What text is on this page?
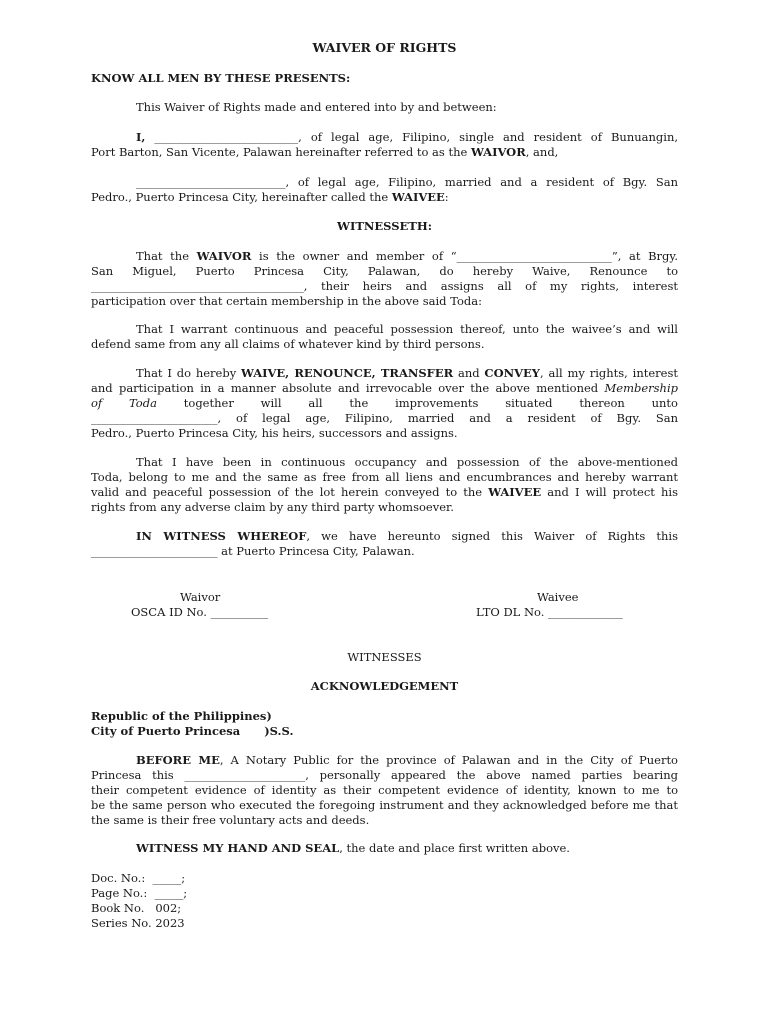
WAIVER OF RIGHTS
KNOW ALL MEN BY THESE PRESENTS:
This Waiver of Rights made and entered into by and between:
I, _________________________, of legal age, Filipino, single and resident of Bunuangin,
Port Barton, San Vicente, Palawan hereinafter referred to as the WAIVOR, and,
__________________________, of legal age, Filipino, married and a resident of Bgy. San
Pedro., Puerto Princesa City, hereinafter called the WAIVEE:
WITNESSETH:
That the WAIVOR is the owner and member of “___________________________”, at Brgy.
San Miguel, Puerto Princesa City, Palawan, do hereby Waive, Renounce to
_____________________________________, their heirs and assigns all of my rights, interest
participation over that certain membership in the above said Toda:
That I warrant continuous and peaceful possession thereof, unto the waivee’s and will
defend same from any all claims of whatever kind by third persons.
That I do hereby WAIVE, RENOUNCE, TRANSFER and CONVEY, all my rights, interest
and participation in a manner absolute and irrevocable over the above mentioned Membership
of Toda together will all the improvements situated thereon unto
______________________, of legal age, Filipino, married and a resident of Bgy. San
Pedro., Puerto Princesa City, his heirs, successors and assigns.
That I have been in continuous occupancy and possession of the above-mentioned
Toda, belong to me and the same as free from all liens and encumbrances and hereby warrant
valid and peaceful possession of the lot herein conveyed to the WAIVEE and I will protect his
rights from any adverse claim by any third party whomsoever.
IN WITNESS WHEREOF, we have hereunto signed this Waiver of Rights this
______________________ at Puerto Princesa City, Palawan.
Waivor
OSCA ID No. __________
Waivee
LTO DL No. _____________
WITNESSES
ACKNOWLEDGEMENT
Republic of the Philippines)
City of Puerto Princesa      )S.S.
BEFORE ME, A Notary Public for the province of Palawan and in the City of Puerto
Princesa this _____________________, personally appeared the above named parties bearing
their competent evidence of identity as their competent evidence of identity, known to me to
be the same person who executed the foregoing instrument and they acknowledged before me that
the same is their free voluntary acts and deeds.
WITNESS MY HAND AND SEAL, the date and place first written above.
Doc. No.:  _____;
Page No.:  _____;
Book No.   002;
Series No. 2023
